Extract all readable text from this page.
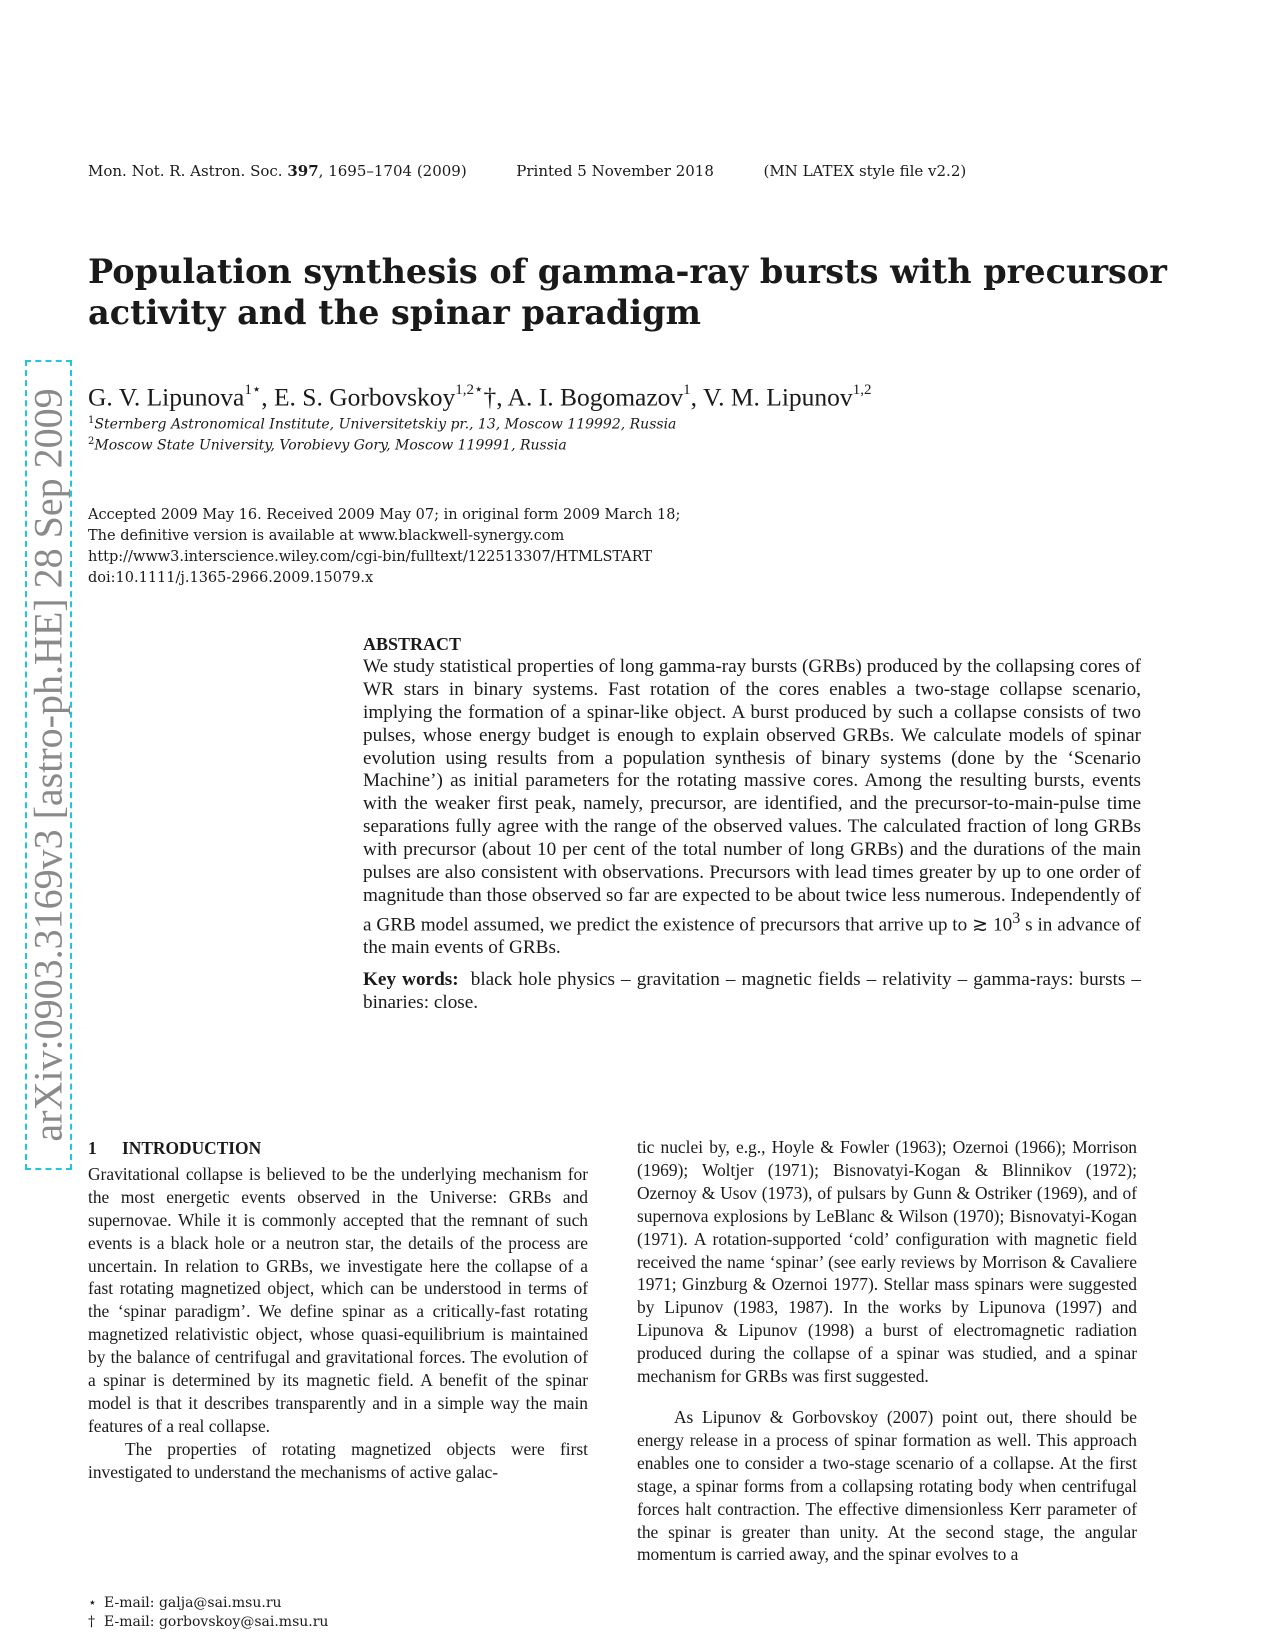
Mon. Not. R. Astron. Soc. 397, 1695–1704 (2009)	Printed 5 November 2018	(MN LATEX style file v2.2)
Population synthesis of gamma-ray bursts with precursor activity and the spinar paradigm
G. V. Lipunova$^{1⋆}$, E. S. Gorbovskoy$^{1,2⋆}$†, A. I. Bogomazov$^1$, V. M. Lipunov$^{1,2}$
$^1$Sternberg Astronomical Institute, Universitetskiy pr., 13, Moscow 119992, Russia
$^2$Moscow State University, Vorobievy Gory, Moscow 119991, Russia
Accepted 2009 May 16. Received 2009 May 07; in original form 2009 March 18;
The definitive version is available at www.blackwell-synergy.com
http://www3.interscience.wiley.com/cgi-bin/fulltext/122513307/HTMLSTART
doi:10.1111/j.1365-2966.2009.15079.x
arXiv:0903.3169v3 [astro-ph.HE] 28 Sep 2009	ABSTRACT
We study statistical properties of long gamma-ray bursts (GRBs) produced by the collapsing cores of WR stars in binary systems. Fast rotation of the cores enables a two-stage collapse scenario, implying the formation of a spinar-like object. A burst produced by such a collapse consists of two pulses, whose energy budget is enough to explain observed GRBs. We calculate models of spinar evolution using results from a population synthesis of binary systems (done by the ‘Scenario Machine’) as initial parameters for the rotating massive cores. Among the resulting bursts, events with the weaker first peak, namely, precursor, are identified, and the precursor-to-main-pulse time separations fully agree with the range of the observed values. The calculated fraction of long GRBs with precursor (about 10 per cent of the total number of long GRBs) and the durations of the main pulses are also consistent with observations. Precursors with lead times greater by up to one order of magnitude than those observed so far are expected to be about twice less numerous. Independently of a GRB model assumed, we predict the existence of precursors that arrive up to ≳ $10^3$ s in advance of the main events of GRBs.
Key words: black hole physics – gravitation – magnetic fields – relativity – gamma-rays: bursts – binaries: close.
1 INTRODUCTION

Gravitational collapse is believed to be the underlying mechanism for the most energetic events observed in the Universe: GRBs and supernovae. While it is commonly accepted that the remnant of such events is a black hole or a neutron star, the details of the process are uncertain. In relation to GRBs, we investigate here the collapse of a fast rotating magnetized object, which can be understood in terms of the ‘spinar paradigm’. We define spinar as a critically-fast rotating magnetized relativistic object, whose quasi-equilibrium is maintained by the balance of centrifugal and gravitational forces. The evolution of a spinar is determined by its magnetic field. A benefit of the spinar model is that it describes transparently and in a simple way the main features of a real collapse.

The properties of rotating magnetized objects were first investigated to understand the mechanisms of active galac-

tic nuclei by, e.g., Hoyle & Fowler (1963); Ozernoi (1966); Morrison (1969); Woltjer (1971); Bisnovatyi-Kogan & Blinnikov (1972); Ozernoy & Usov (1973), of pulsars by Gunn & Ostriker (1969), and of supernova explosions by LeBlanc & Wilson (1970); Bisnovatyi-Kogan (1971). A rotation-supported ‘cold’ configuration with magnetic field received the name ‘spinar’ (see early reviews by Morrison & Cavaliere 1971; Ginzburg & Ozernoi 1977). Stellar mass spinars were suggested by Lipunov (1983, 1987). In the works by Lipunova (1997) and Lipunova & Lipunov (1998) a burst of electromagnetic radiation produced during the collapse of a spinar was studied, and a spinar mechanism for GRBs was first suggested.

As Lipunov & Gorbovskoy (2007) point out, there should be energy release in a process of spinar formation as well. This approach enables one to consider a two-stage scenario of a collapse. At the first stage, a spinar forms from a collapsing rotating body when centrifugal forces halt contraction. The effective dimensionless Kerr parameter of the spinar is greater than unity. At the second stage, the angular momentum is carried away, and the spinar evolves to a

⋆ E-mail: galja@sai.msu.ru
† E-mail: gorbovskoy@sai.msu.ru
